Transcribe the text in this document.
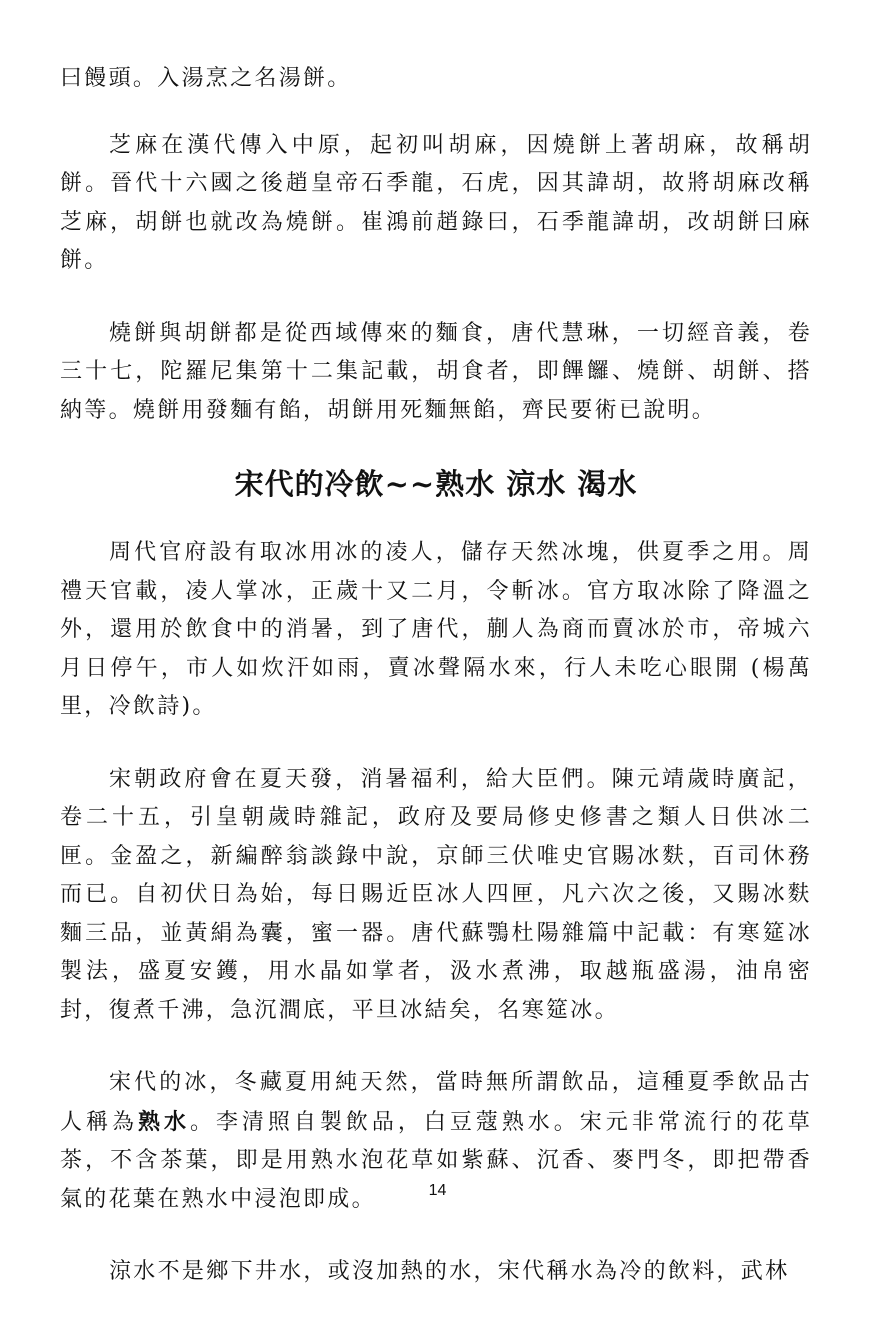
曰饅頭。入湯烹之名湯餅。

芝麻在漢代傳入中原，起初叫胡麻，因燒餅上著胡麻，故稱胡餅。晉代十六國之後趙皇帝石季龍，石虎，因其諱胡，故將胡麻改稱芝麻，胡餅也就改為燒餅。崔鴻前趙錄曰，石季龍諱胡，改胡餅曰麻餅。

燒餅與胡餅都是從西域傳來的麵食，唐代慧琳，一切經音義，卷三十七，陀羅尼集第十二集記載，胡食者，即饆饠、燒餅、胡餅、搭納等。燒餅用發麵有餡，胡餅用死麵無餡，齊民要術已說明。

宋代的冷飲~~熟水 涼水 渴水

周代官府設有取冰用冰的凌人，儲存天然冰塊，供夏季之用。周禮天官載，凌人掌冰，正歲十又二月，令斬冰。官方取冰除了降溫之外，還用於飲食中的消暑，到了唐代，蒯人為商而賣冰於市，帝城六月日停午，市人如炊汗如雨，賣冰聲隔水來，行人未吃心眼開 (楊萬里，冷飲詩)。

宋朝政府會在夏天發，消暑福利，給大臣們。陳元靖歲時廣記，卷二十五，引皇朝歲時雜記，政府及要局修史修書之類人日供冰二匣。金盈之，新編醉翁談錄中說，京師三伏唯史官賜冰麩，百司休務而已。自初伏日為始，每日賜近臣冰人四匣，凡六次之後，又賜冰麩麵三品，並黃絹為囊，蜜一器。唐代蘇鶚杜陽雜篇中記載：有寒筵冰製法，盛夏安鑊，用水晶如掌者，汲水煮沸，取越瓶盛湯，油帛密封，復煮千沸，急沉澗底，平旦冰結矣，名寒筵冰。

宋代的冰，冬藏夏用純天然，當時無所謂飲品，這種夏季飲品古人稱為熟水。李清照自製飲品，白豆蔻熟水。宋元非常流行的花草茶，不含茶葉，即是用熟水泡花草如紫蘇、沉香、麥門冬，即把帶香氣的花葉在熟水中浸泡即成。

涼水不是鄉下井水，或沒加熱的水，宋代稱水為冷的飲料，武林

14
